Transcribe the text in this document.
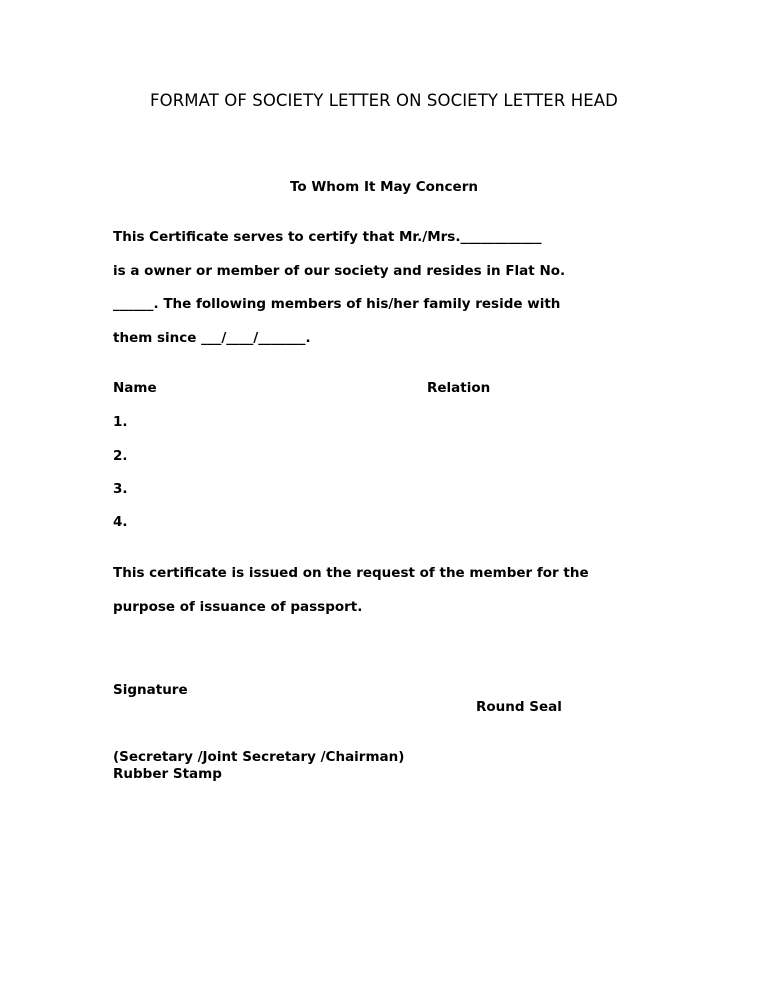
FORMAT OF SOCIETY LETTER ON SOCIETY LETTER HEAD
To Whom It May Concern
This Certificate serves to certify that Mr./Mrs.____________
is a owner or member of our society and resides in Flat No.
______. The following members of his/her family reside with
them since ___/____/_______.
Name	Relation
1.
2.
3.
4.
This certificate is issued on the request of the member for the
purpose of issuance of passport.
Signature
Round Seal
(Secretary /Joint Secretary /Chairman)
Rubber Stamp
